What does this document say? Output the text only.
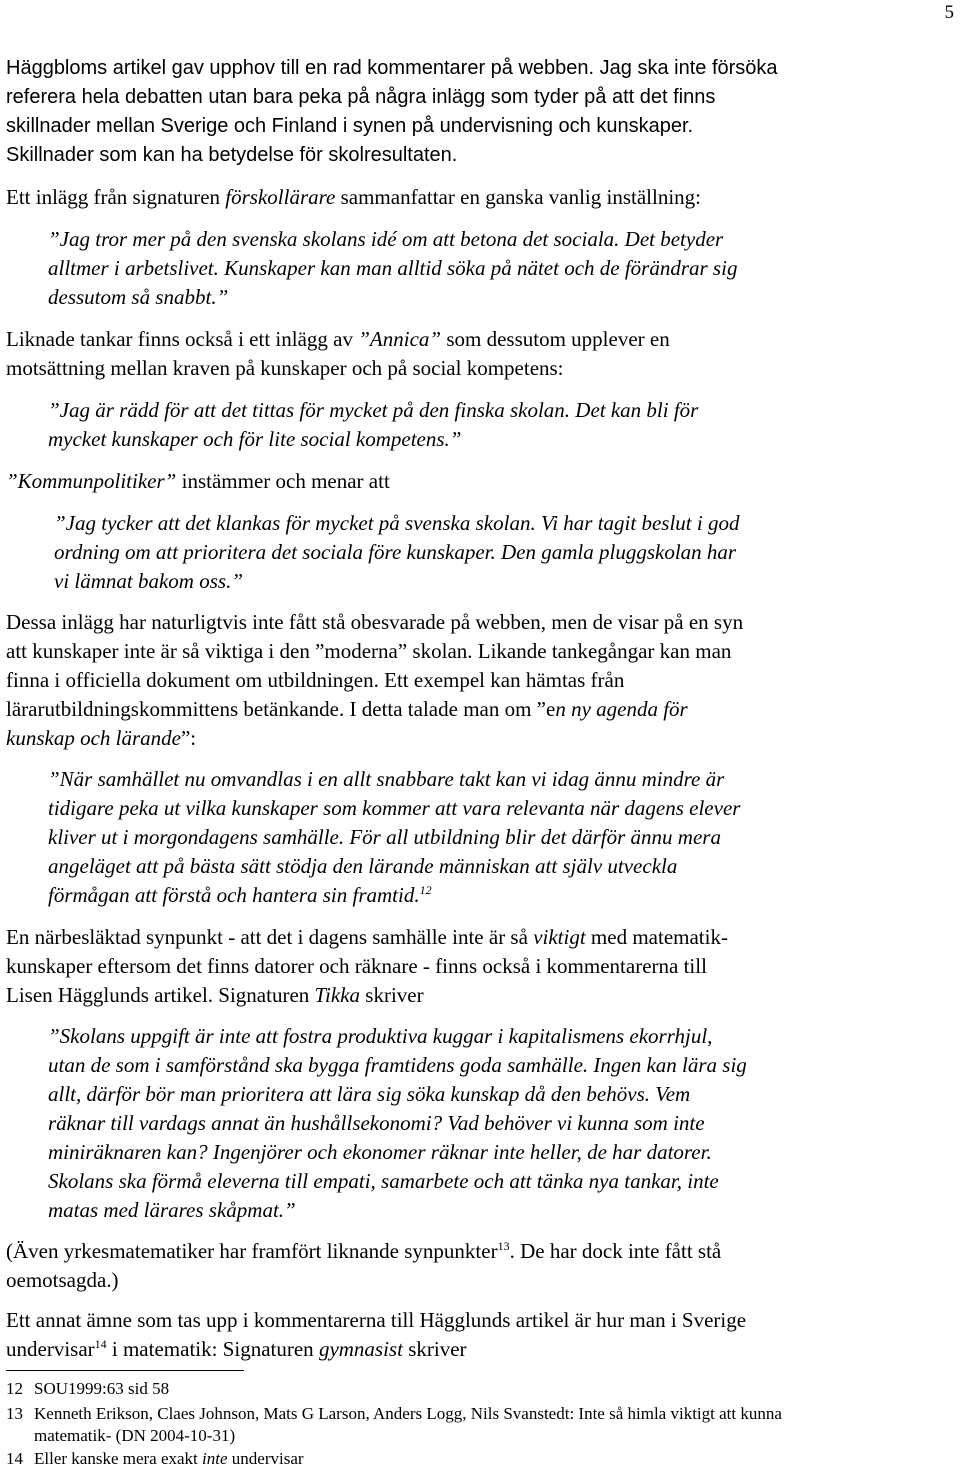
5
Häggbloms artikel gav upphov till en rad kommentarer på webben. Jag ska inte försöka
referera hela debatten utan bara peka på några inlägg som tyder på att det finns
skillnader mellan Sverige och Finland i synen på undervisning och kunskaper.
Skillnader som kan ha betydelse för skolresultaten.
Ett inlägg från signaturen förskollärare sammanfattar en ganska vanlig inställning:
”Jag tror mer på den svenska skolans idé om att betona det sociala. Det betyder
alltmer i arbetslivet. Kunskaper kan man alltid söka på nätet och de förändrar sig
dessutom så snabbt.”
Liknade tankar finns också i ett inlägg av ”Annica” som dessutom upplever en
motsättning mellan kraven på kunskaper och på social kompetens:
”Jag är rädd för att det tittas för mycket på den finska skolan. Det kan bli för
mycket kunskaper och för lite social kompetens.”
”Kommunpolitiker” instämmer och menar att
”Jag tycker att det klankas för mycket på svenska skolan. Vi har tagit beslut i god
ordning om att prioritera det sociala före kunskaper. Den gamla pluggskolan har
vi lämnat bakom oss.”
Dessa inlägg har naturligtvis inte fått stå obesvarade på webben, men de visar på en syn
att kunskaper inte är så viktiga i den ”moderna” skolan. Likande tankegångar kan man
finna i officiella dokument om utbildningen. Ett exempel kan hämtas från
lärarutbildningskommittens betänkande. I detta talade man om ”en ny agenda för
kunskap och lärande”:
”När samhället nu omvandlas i en allt snabbare takt kan vi idag ännu mindre är
tidigare peka ut vilka kunskaper som kommer att vara relevanta när dagens elever
kliver ut i morgondagens samhälle. För all utbildning blir det därför ännu mera
angeläget att på bästa sätt stödja den lärande människan att själv utveckla
förmågan att förstå och hantera sin framtid.$^{12}$
En närbesläktad synpunkt - att det i dagens samhälle inte är så viktigt med matematik-
kunskaper eftersom det finns datorer och räknare - finns också i kommentarerna till
Lisen Hägglunds artikel. Signaturen Tikka skriver
”Skolans uppgift är inte att fostra produktiva kuggar i kapitalismens ekorrhjul,
utan de som i samförstånd ska bygga framtidens goda samhälle. Ingen kan lära sig
allt, därför bör man prioritera att lära sig söka kunskap då den behövs. Vem
räknar till vardags annat än hushållsekonomi? Vad behöver vi kunna som inte
miniräknaren kan? Ingenjörer och ekonomer räknar inte heller, de har datorer.
Skolans ska förmå eleverna till empati, samarbete och att tänka nya tankar, inte
matas med lärares skåpmat.”
(Även yrkesmatematiker har framfört liknande synpunkter$^{13}$. De har dock inte fått stå
oemotsagda.)
Ett annat ämne som tas upp i kommentarerna till Hägglunds artikel är hur man i Sverige
undervisar$^{14}$ i matematik: Signaturen gymnasist skriver
12 SOU1999:63 sid 58
13 Kenneth Erikson, Claes Johnson, Mats G Larson, Anders Logg, Nils Svanstedt: Inte så himla viktigt att kunna
matematik- (DN 2004-10-31)
14 Eller kanske mera exakt inte undervisar
